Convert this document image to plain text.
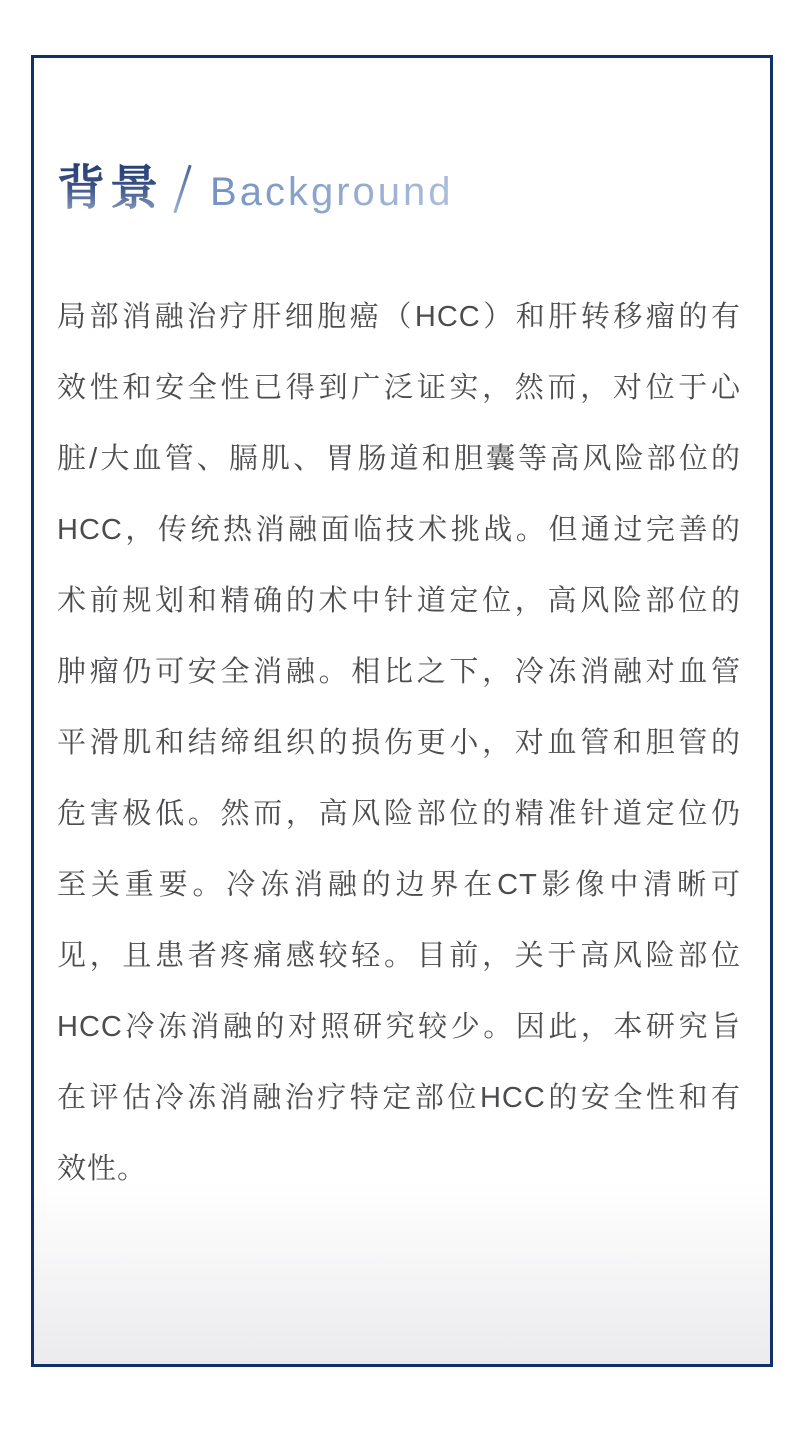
背景 Background
局部消融治疗肝细胞癌（HCC）和肝转移瘤的有
效性和安全性已得到广泛证实，然而，对位于心
脏/大血管、膈肌、胃肠道和胆囊等高风险部位的
HCC，传统热消融面临技术挑战。但通过完善的
术前规划和精确的术中针道定位，高风险部位的
肿瘤仍可安全消融。相比之下，冷冻消融对血管
平滑肌和结缔组织的损伤更小，对血管和胆管的
危害极低。然而，高风险部位的精准针道定位仍
至关重要。冷冻消融的边界在CT影像中清晰可
见，且患者疼痛感较轻。目前，关于高风险部位
HCC冷冻消融的对照研究较少。因此，本研究旨
在评估冷冻消融治疗特定部位HCC的安全性和有
效性。
